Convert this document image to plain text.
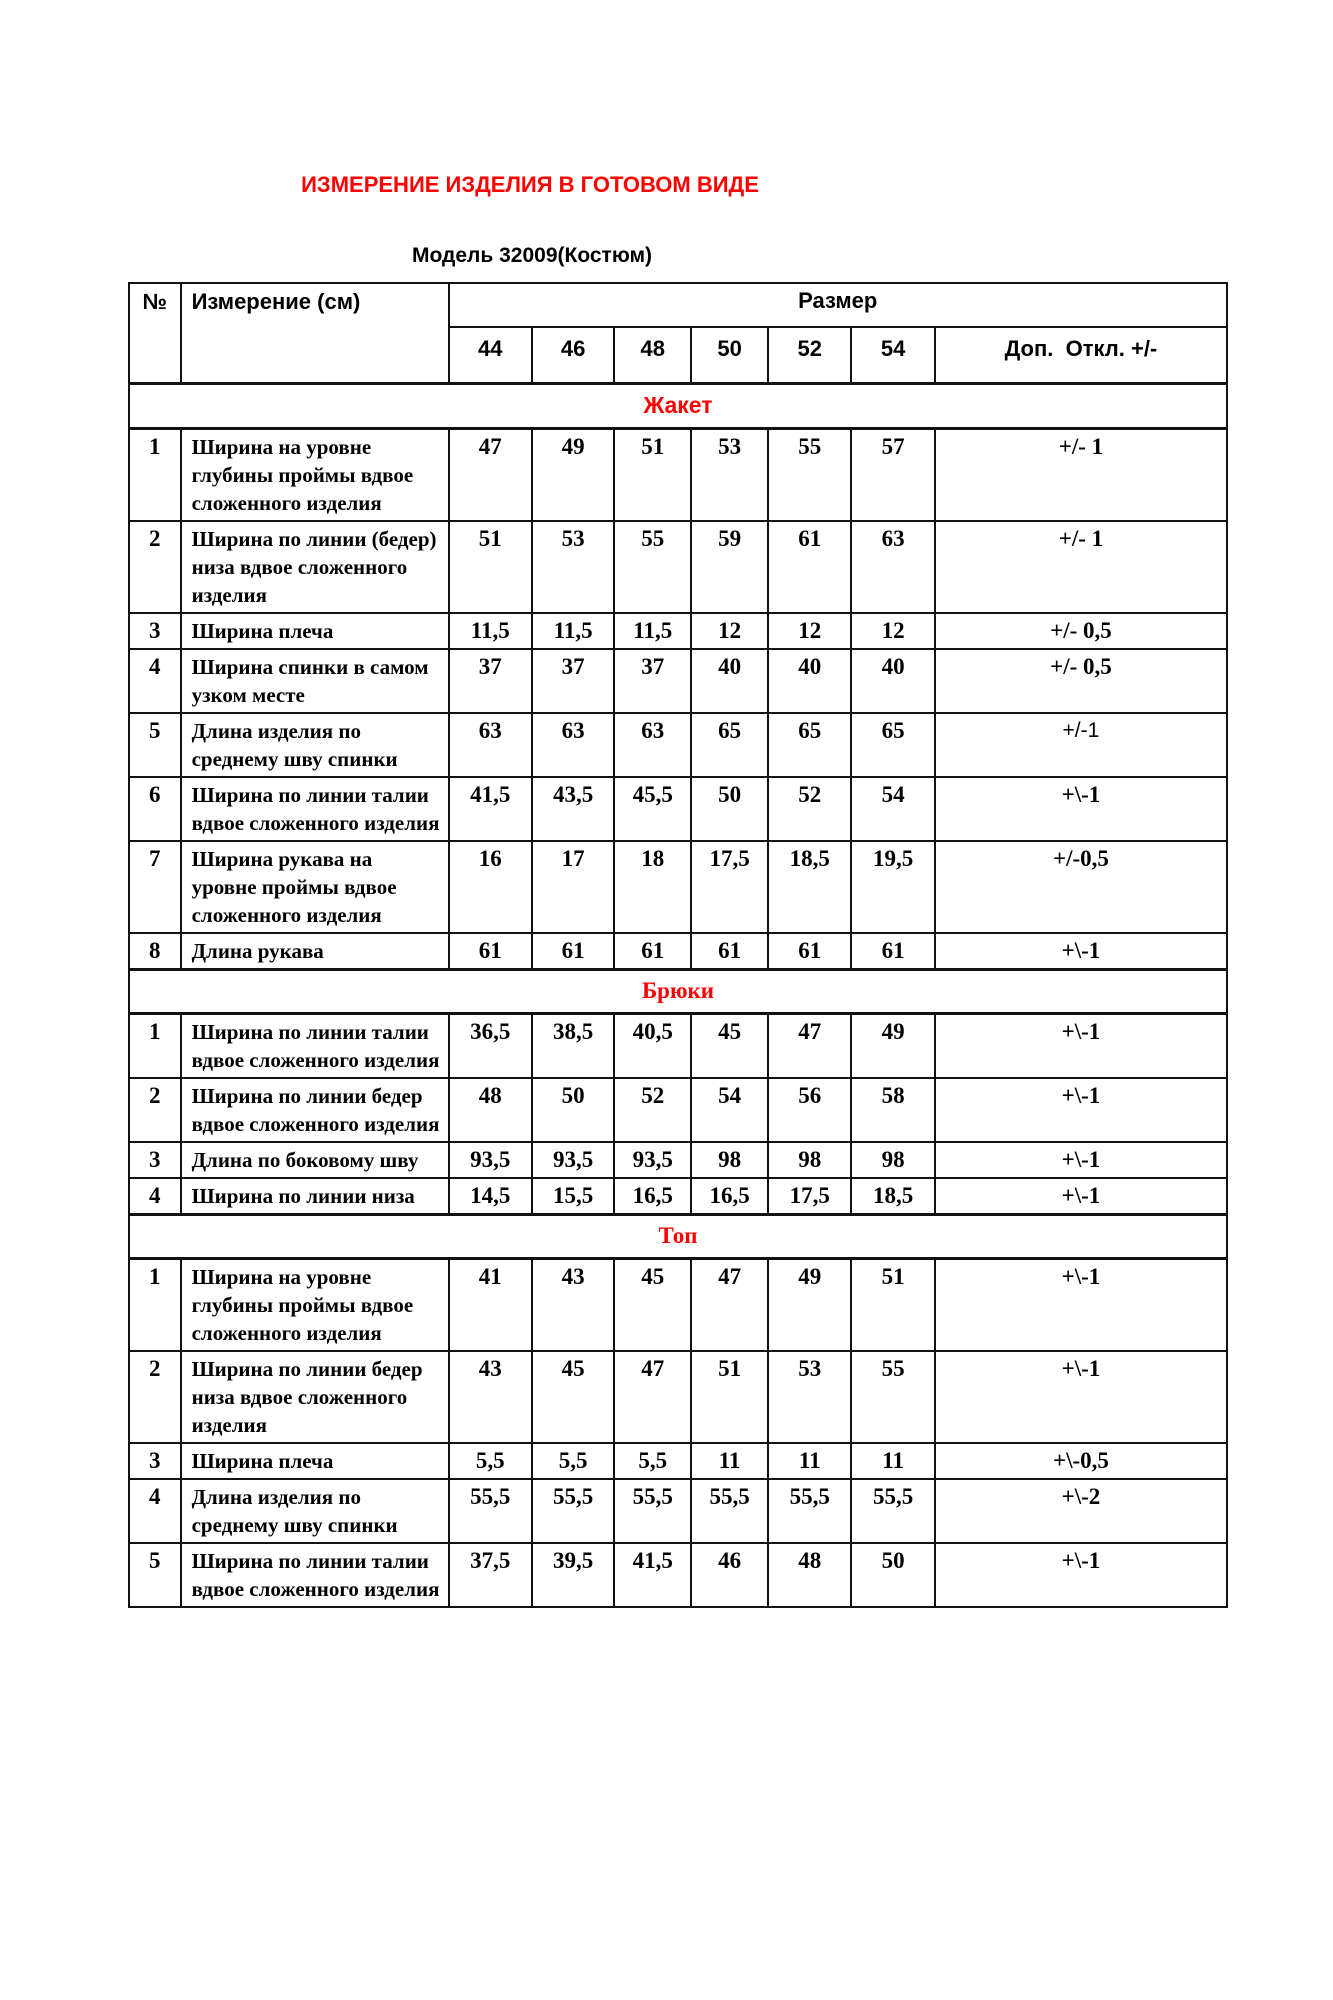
ИЗМЕРЕНИЕ ИЗДЕЛИЯ В ГОТОВОМ ВИДЕ
Модель 32009(Костюм)
№	Измерение (см)	Размер						
		44	46	48	50	52	54	Доп.  Откл. +/-
Жакет								
1	Ширина на уровне глубины проймы вдвое сложенного изделия	47	49	51	53	55	57	+/- 1
2	Ширина по линии (бедер) низа вдвое сложенного изделия	51	53	55	59	61	63	+/- 1
3	Ширина плеча	11,5	11,5	11,5	12	12	12	+/- 0,5
4	Ширина спинки в самом узком месте	37	37	37	40	40	40	+/- 0,5
5	Длина изделия по среднему шву спинки	63	63	63	65	65	65	+/-1
6	Ширина по линии талии вдвое сложенного изделия	41,5	43,5	45,5	50	52	54	+\-1
7	Ширина рукава на уровне проймы вдвое сложенного изделия	16	17	18	17,5	18,5	19,5	+/-0,5
8	Длина рукава	61	61	61	61	61	61	+\-1
Брюки								
1	Ширина по линии талии вдвое сложенного изделия	36,5	38,5	40,5	45	47	49	+\-1
2	Ширина по линии бедер вдвое сложенного изделия	48	50	52	54	56	58	+\-1
3	Длина по боковому шву	93,5	93,5	93,5	98	98	98	+\-1
4	Ширина по линии низа	14,5	15,5	16,5	16,5	17,5	18,5	+\-1
Топ								
1	Ширина на уровне глубины проймы вдвое сложенного изделия	41	43	45	47	49	51	+\-1
2	Ширина по линии бедер низа вдвое сложенного изделия	43	45	47	51	53	55	+\-1
3	Ширина плеча	5,5	5,5	5,5	11	11	11	+\-0,5
4	Длина изделия по среднему шву спинки	55,5	55,5	55,5	55,5	55,5	55,5	+\-2
5	Ширина по линии талии вдвое сложенного изделия	37,5	39,5	41,5	46	48	50	+\-1
